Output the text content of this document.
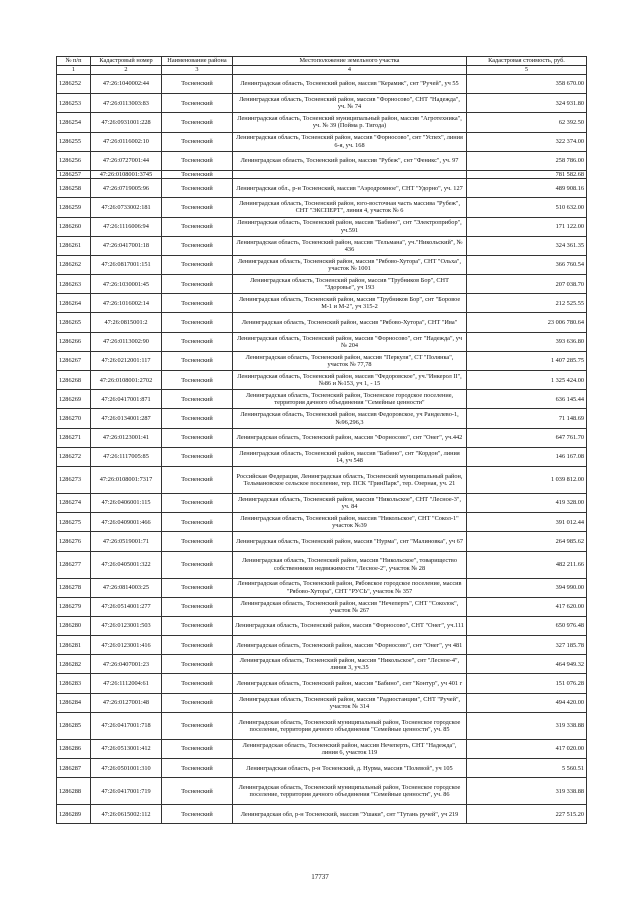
№ п/п	Кадастровый номер	Наименование района	Местоположение земельного участка	Кадастровая стоимость, руб.
1	2	3	4	5
1286252	47:26:1040002:44	Тосненский	Ленинградская область, Тосненский район, массив "Керамик", снт "Ручей", уч 55	358 670.00
1286253	47:26:0113003:83	Тосненский	Ленинградская область, Тосненский район, массив "Форносово", СНТ "Надежда", уч. № 74	324 931.80
1286254	47:26:0931001:228	Тосненский	Ленинградская область, Тосненский муниципальный район, массив "Агротехника", уч. № 39 (Пойма р. Тигода)	62 392.50
1286255	47:26:0116002:10	Тосненский	Ленинградская область, Тосненский район, массив "Форносово", снт "Успех", линия 6-я, уч. 168	322 374.00
1286256	47:26:0727001:44	Тосненский	Ленинградская область, Тосненский район, массив "Рубеж", снт "Феникс", уч. 97	258 786.00
1286257	47:26:0108001:3745	Тосненский		781 582.68
1286258	47:26:0719005:96	Тосненский	Ленинградская обл., р-н Тосненский, массив "Аэродромное", СНТ "Удорно", уч. 127	489 908.16
1286259	47:26:0733002:181	Тосненский	Ленинградская область, Тосненский район, юго-восточная часть массива "Рубеж", СНТ "ЭКСПЕРТ", линия 4, участок № 6	510 632.00
1286260	47:26:1116006:94	Тосненский	Ленинградская область, Тосненский район, массив "Бабино", снт "Электроприбор", уч.591	171 122.00
1286261	47:26:0417001:18	Тосненский	Ленинградская область, Тосненский район, массив "Тельмана", уч."Никольский", № 436	324 361.35
1286262	47:26:0817001:151	Тосненский	Ленинградская область, Тосненский район, массив "Рябово-Хутора", СНТ "Ольха", участок № 1001	366 760.54
1286263	47:26:1030001:45	Тосненский	Ленинградская область, Тосненский район, массив "Трубников Бор", СНТ "Здоровье", уч 193	207 038.70
1286264	47:26:1016002:14	Тосненский	Ленинградская область, Тосненский район, массив "Трубников Бор", снт "Боровое М-1 и М-2", уч 315-2	212 525.55
1286265	47:26:0815001:2	Тосненский	Ленинградская область, Тосненский район, массив "Рябово-Хутора", СНТ "Ива"	23 006 780.64
1286266	47:26:0113002:90	Тосненский	Ленинградская область, Тосненский район, массив "Форносово", снт "Надежда", уч № 204	393 636.80
1286267	47:26:0212001:117	Тосненский	Ленинградская область, Тосненский район, массив "Перкуля", СТ "Полянка", участок № 77,78	1 407 285.75
1286268	47:26:0108001:2702	Тосненский	Ленинградская область, Тосненский район, массив "Федоровское", уч."Инкерол II", №86 и №153, уч 1, - 15	1 325 424.00
1286269	47:26:0417001:871	Тосненский	Ленинградская область, Тосненский район, Тосненское городское поселение, территория дачного объединения "Семейные ценности"	636 145.44
1286270	47:26:0134001:287	Тосненский	Ленинградская область, Тосненский район, массив Федоровское, уч Ранделево-1, №96,296,3	71 148.69
1286271	47:26:0123001:41	Тосненский	Ленинградская область, Тосненский район, массив "Форносово", снт "Онег", уч.442	647 761.70
1286272	47:26:1117005:85	Тосненский	Ленинградская область, Тосненский район, массив "Бабино", снт "Кордон", линия 14, уч 548	146 167.08
1286273	47:26:0108001:7317	Тосненский	Российская Федерация, Ленинградская область, Тосненский муниципальный район, Тельмановское сельское поселение, тер. ПСК "ГринПарк", тер. Озерная, уч. 21	1 039 812.00
1286274	47:26:0406001:115	Тосненский	Ленинградская область, Тосненский район, массив "Никольское", СНТ "Лесное-3", уч. 84	419 328.00
1286275	47:26:0409001:466	Тосненский	Ленинградская область, Тосненский район, массив "Никольское", СНТ "Сокол-1" участок №39	391 012.44
1286276	47:26:0519001:71	Тосненский	Ленинградская область, Тосненский район, массив "Нурма", снт "Малиновка", уч 67	264 985.62
1286277	47:26:0405001:322	Тосненский	Ленинградская область, Тосненский район, массив "Никольское", товарищество собственников недвижимости "Лесное-2", участок № 28	482 211.66
1286278	47:26:0814003:25	Тосненский	Ленинградская область, Тосненский район, Рябовское городское поселение, массив "Рябово-Хутора", СНТ "РУСЬ", участок № 357	394 990.00
1286279	47:26:0514001:277	Тосненский	Ленинградская область, Тосненский район, массив "Нечеперть", СНТ "Соколок", участок № 267	417 620.00
1286280	47:26:0123001:503	Тосненский	Ленинградская область, Тосненский район, массив "Форносово", СНТ "Онег", уч.111	650 976.48
1286281	47:26:0123001:416	Тосненский	Ленинградская область, Тосненский район, массив "Форносово", снт "Онег", уч 481	327 185.78
1286282	47:26:0407001:23	Тосненский	Ленинградская область, Тосненский район, массив "Никольское", снт "Лесное-4", линия 3, уч.35	464 949.32
1286283	47:26:1112004:61	Тосненский	Ленинградская область, Тосненский район, массив "Бабино", снт "Контур", уч 401 г	151 076.28
1286284	47:26:0127001:48	Тосненский	Ленинградская область, Тосненский район, массив "Радиостанции", СНТ "Ручей", участок № 314	494 420.00
1286285	47:26:0417001:718	Тосненский	Ленинградская область, Тосненский муниципальный район, Тосненское городское поселение, территория дачного объединения "Семейные ценности", уч. 85	319 338.88
1286286	47:26:0513001:412	Тосненский	Ленинградская область, Тосненский район, массив Нечеперть, СНТ "Надежда", линия 6, участок 119	417 020.00
1286287	47:26:0501001:310	Тосненский	Ленинградская область, р-н Тосненский, д. Нурма, массив "Полевой", уч 105	5 560.51
1286288	47:26:0417001:719	Тосненский	Ленинградская область, Тосненский муниципальный район, Тосненское городское поселение, территория дачного объединения "Семейные ценности", уч. 86	319 338.88
1286289	47:26:0615002:112	Тосненский	Ленинградская обл, р-н Тосненский, массив "Ушаки", снт "Тутань ручей", уч 219	227 515.20
17737
